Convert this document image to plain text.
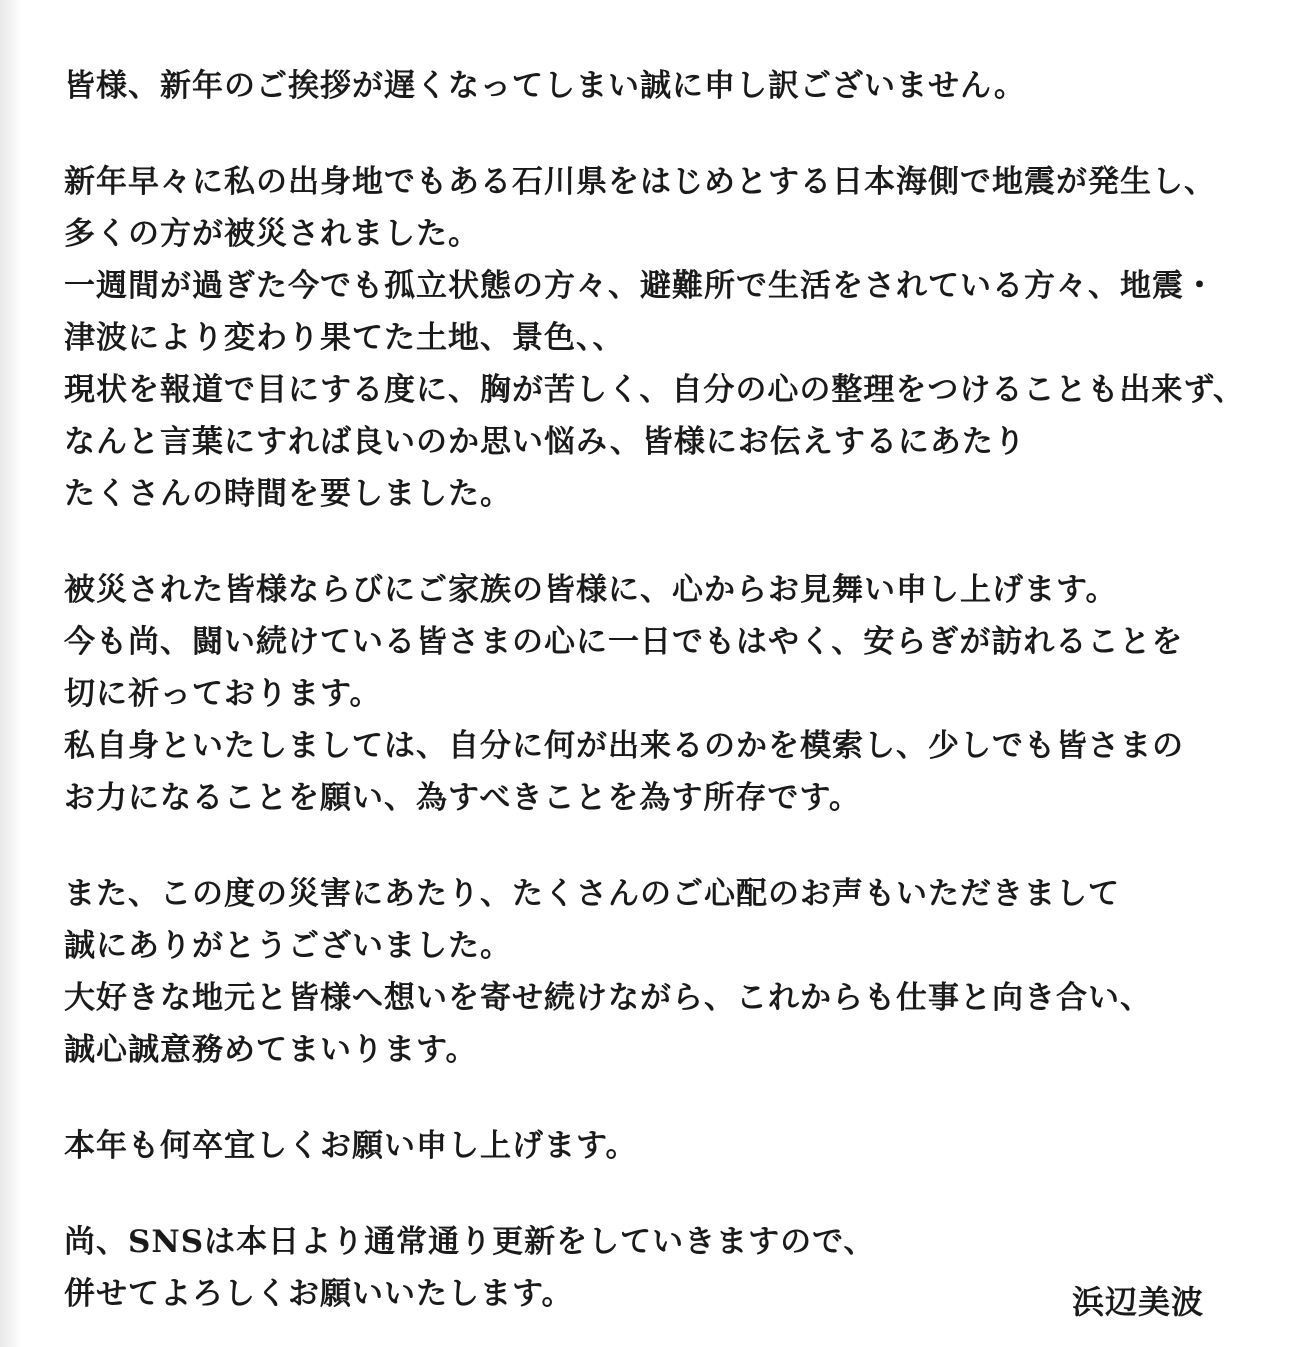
皆様、新年のご挨拶が遅くなってしまい誠に申し訳ございません。
新年早々に私の出身地でもある石川県をはじめとする日本海側で地震が発生し、
多くの方が被災されました。
一週間が過ぎた今でも孤立状態の方々、避難所で生活をされている方々、地震・
津波により変わり果てた土地、景色、、
現状を報道で目にする度に、胸が苦しく、自分の心の整理をつけることも出来ず、
なんと言葉にすれば良いのか思い悩み、皆様にお伝えするにあたり
たくさんの時間を要しました。
被災された皆様ならびにご家族の皆様に、心からお見舞い申し上げます。
今も尚、闘い続けている皆さまの心に一日でもはやく、安らぎが訪れることを
切に祈っております。
私自身といたしましては、自分に何が出来るのかを模索し、少しでも皆さまの
お力になることを願い、為すべきことを為す所存です。
また、この度の災害にあたり、たくさんのご心配のお声もいただきまして
誠にありがとうございました。
大好きな地元と皆様へ想いを寄せ続けながら、これからも仕事と向き合い、
誠心誠意務めてまいります。
本年も何卒宜しくお願い申し上げます。
尚、SNSは本日より通常通り更新をしていきますので、
併せてよろしくお願いいたします。	浜辺美波
